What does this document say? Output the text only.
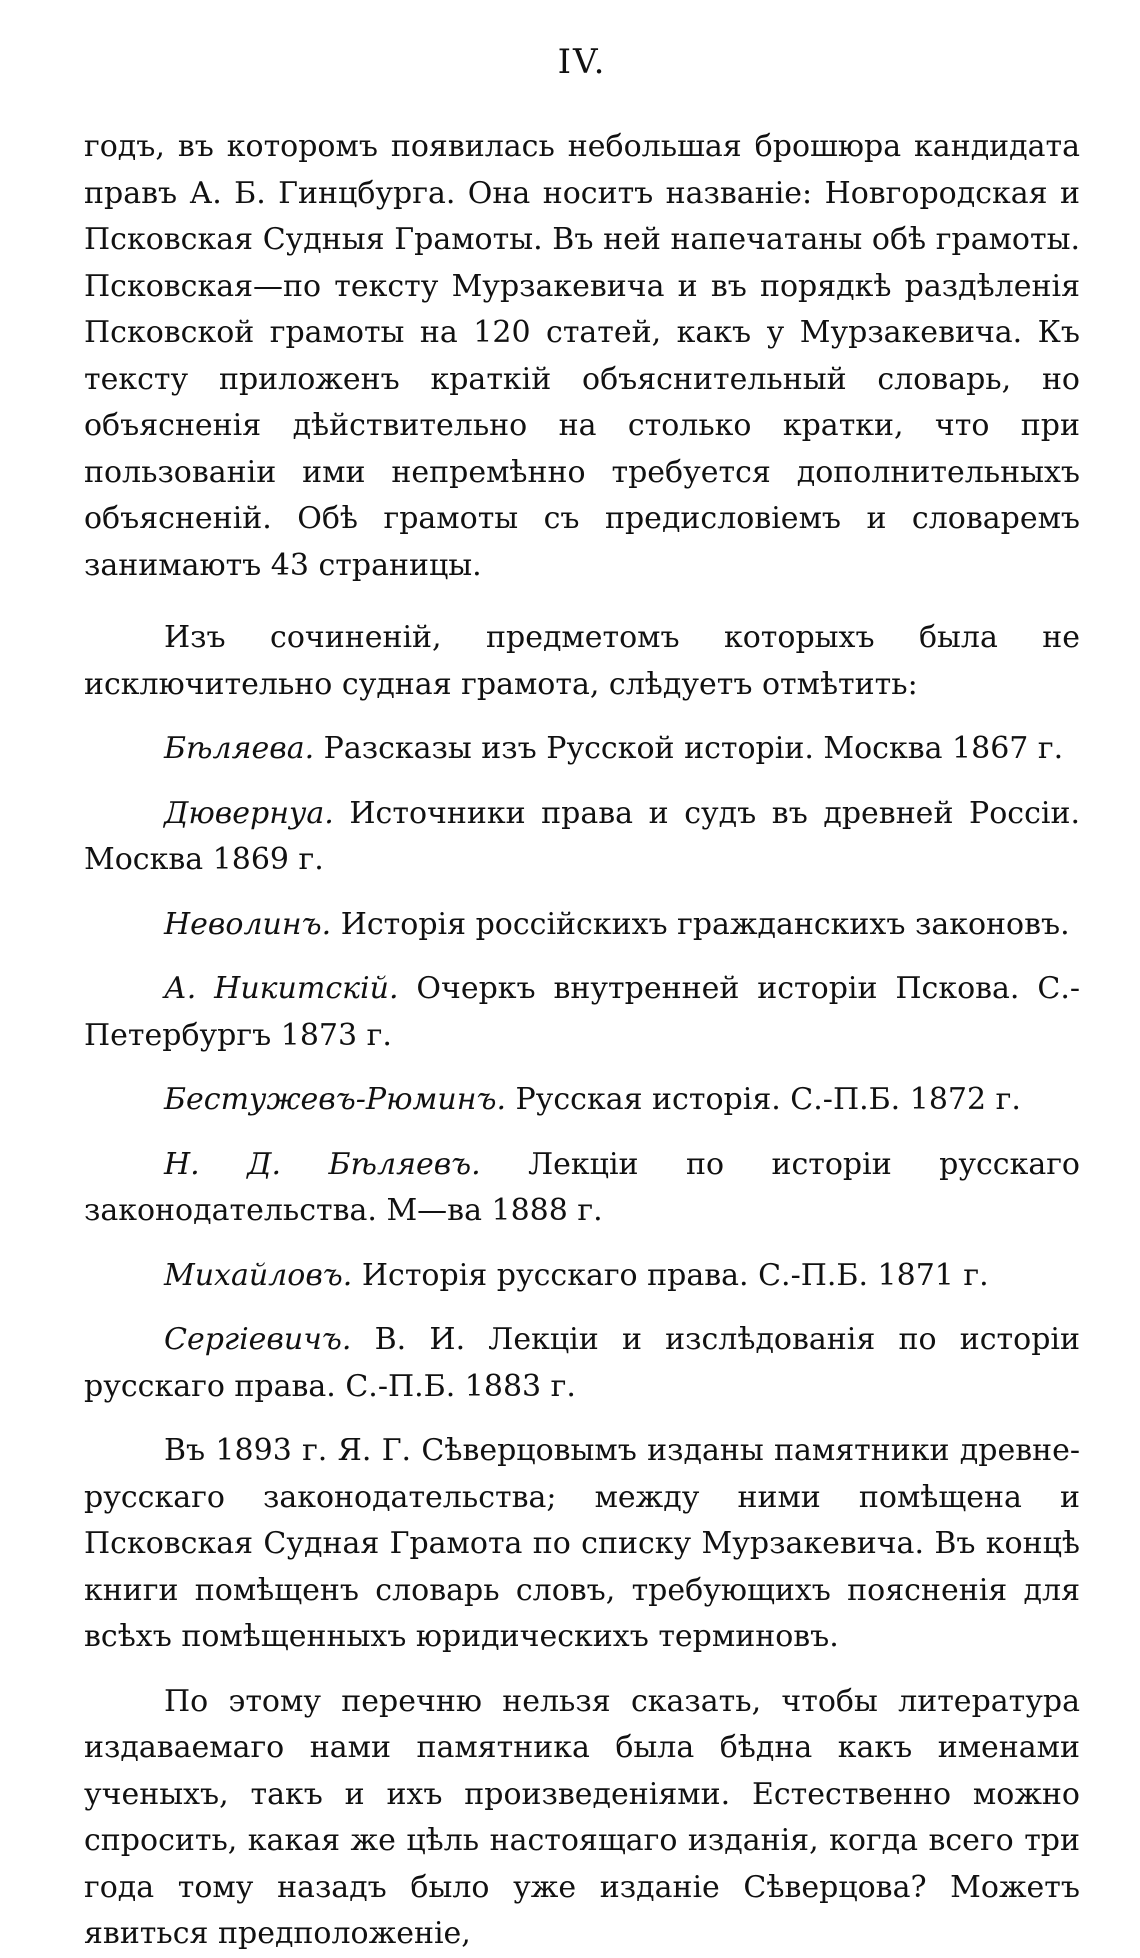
IV.

годъ, въ которомъ появилась небольшая брошюра кандидата правъ А. Б. Гинцбурга. Она носитъ названіе: Новгородская и Псковская Судныя Грамоты. Въ ней напечатаны обѣ грамоты. Псковская—по тексту Мурзакевича и въ порядкѣ раздѣленія Псковской грамоты на 120 статей, какъ у Мурзакевича. Къ тексту приложенъ краткій объяснительный словарь, но объясненія дѣйствительно на столько кратки, что при пользованіи ими непремѣнно требуется дополнительныхъ объясненій. Обѣ грамоты съ предисловіемъ и словаремъ занимаютъ 43 страницы.

Изъ сочиненій, предметомъ которыхъ была не исключительно судная грамота, слѣдуетъ отмѣтить:

Бѣляева. Разсказы изъ Русской исторіи. Москва 1867 г.

Дювернуа. Источники права и судъ въ древней Россіи. Москва 1869 г.

Неволинъ. Исторія россійскихъ гражданскихъ законовъ.

А. Никитскій. Очеркъ внутренней исторіи Пскова. С.-Петербургъ 1873 г.

Бестужевъ-Рюминъ. Русская исторія. С.-П.Б. 1872 г.

Н. Д. Бѣляевъ. Лекціи по исторіи русскаго законодательства. М—ва 1888 г.

Михайловъ. Исторія русскаго права. С.-П.Б. 1871 г.

Сергіевичъ. В. И. Лекціи и изслѣдованія по исторіи русскаго права. С.-П.Б. 1883 г.

Въ 1893 г. Я. Г. Сѣверцовымъ изданы памятники древне-русскаго законодательства; между ними помѣщена и Псковская Судная Грамота по списку Мурзакевича. Въ концѣ книги помѣщенъ словарь словъ, требующихъ поясненія для всѣхъ помѣщенныхъ юридическихъ терминовъ.

По этому перечню нельзя сказать, чтобы литература издаваемаго нами памятника была бѣдна какъ именами ученыхъ, такъ и ихъ произведеніями. Естественно можно спросить, какая же цѣль настоящаго изданія, когда всего три года тому назадъ было уже изданіе Сѣверцова? Можетъ явиться предположеніе,
